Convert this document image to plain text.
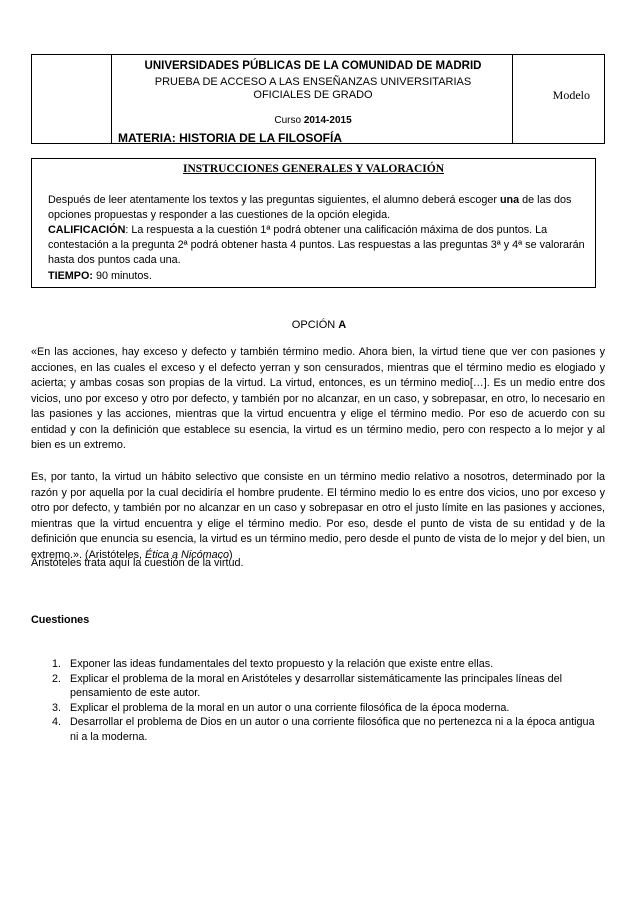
UNIVERSIDADES PÚBLICAS DE LA COMUNIDAD DE MADRID
PRUEBA DE ACCESO A LAS ENSEÑANZAS UNIVERSITARIAS
OFICIALES DE GRADO
Curso 2014-2015
MATERIA: HISTORIA DE LA FILOSOFÍA
Modelo
INSTRUCCIONES GENERALES Y VALORACIÓN

Después de leer atentamente los textos y las preguntas siguientes, el alumno deberá escoger una de las dos opciones propuestas y responder a las cuestiones de la opción elegida.

CALIFICACIÓN: La respuesta a la cuestión 1ª podrá obtener una calificación máxima de dos puntos. La contestación a la pregunta 2ª podrá obtener hasta 4 puntos. Las respuestas a las preguntas 3ª y 4ª se valorarán hasta dos puntos cada una.

TIEMPO: 90 minutos.
OPCIÓN A
«En las acciones, hay exceso y defecto y también término medio. Ahora bien, la virtud tiene que ver con pasiones y acciones, en las cuales el exceso y el defecto yerran y son censurados, mientras que el término medio es elogiado y acierta; y ambas cosas son propias de la virtud. La virtud, entonces, es un término medio[…]. Es un medio entre dos vicios, uno por exceso y otro por defecto, y también por no alcanzar, en un caso, y sobrepasar, en otro, lo necesario en las pasiones y las acciones, mientras que la virtud encuentra y elige el término medio. Por eso de acuerdo con su entidad y con la definición que establece su esencia, la virtud es un término medio, pero con respecto a lo mejor y al bien es un extremo.
Es, por tanto, la virtud un hábito selectivo que consiste en un término medio relativo a nosotros, determinado por la razón y por aquella por la cual decidiría el hombre prudente. El término medio lo es entre dos vicios, uno por exceso y otro por defecto, y también por no alcanzar en un caso y sobrepasar en otro el justo límite en las pasiones y acciones, mientras que la virtud encuentra y elige el término medio. Por eso, desde el punto de vista de su entidad y de la definición que enuncia su esencia, la virtud es un término medio, pero desde el punto de vista de lo mejor y del bien, un extremo.». (Aristóteles, Ética a Nicómaco)
Aristóteles trata aquí la cuestión de la virtud.
Cuestiones
1. Exponer las ideas fundamentales del texto propuesto y la relación que existe entre ellas.
2. Explicar el problema de la moral en Aristóteles y desarrollar sistemáticamente las principales líneas del pensamiento de este autor.
3. Explicar el problema de la moral en un autor o una corriente filosófica de la época moderna.
4. Desarrollar el problema de Dios en un autor o una corriente filosófica que no pertenezca ni a la época antigua ni a la moderna.
